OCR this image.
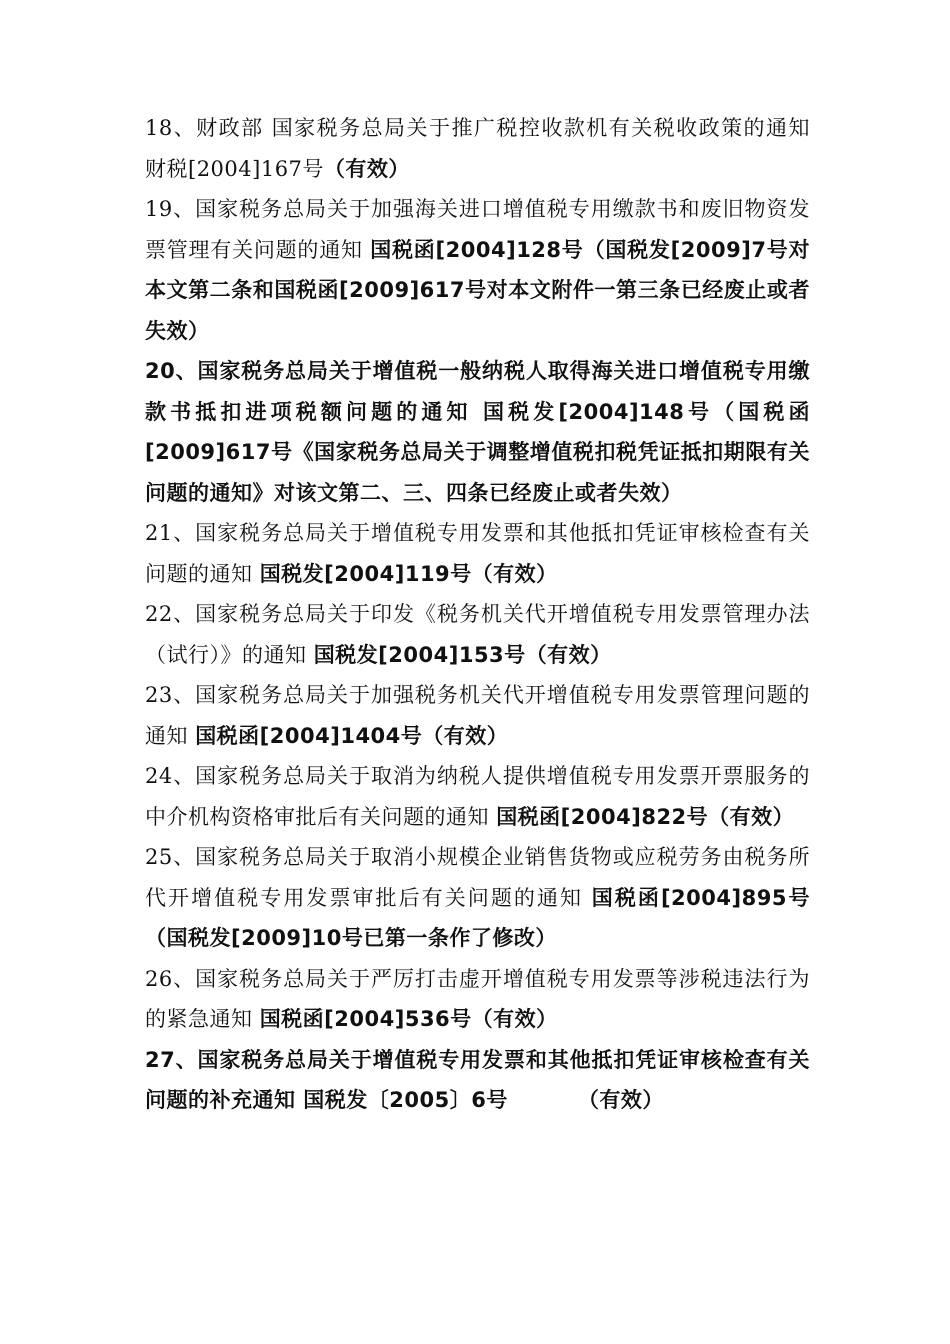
18、财政部 国家税务总局关于推广税控收款机有关税收政策的通知 财税[2004]167号（有效）

19、国家税务总局关于加强海关进口增值税专用缴款书和废旧物资发票管理有关问题的通知 国税函[2004]128号（国税发[2009]7号对本文第二条和国税函[2009]617号对本文附件一第三条已经废止或者失效）

20、国家税务总局关于增值税一般纳税人取得海关进口增值税专用缴款书抵扣进项税额问题的通知 国税发[2004]148号（国税函[2009]617号《国家税务总局关于调整增值税扣税凭证抵扣期限有关问题的通知》对该文第二、三、四条已经废止或者失效）

21、国家税务总局关于增值税专用发票和其他抵扣凭证审核检查有关问题的通知 国税发[2004]119号（有效）

22、国家税务总局关于印发《税务机关代开增值税专用发票管理办法（试行）》的通知 国税发[2004]153号（有效）

23、国家税务总局关于加强税务机关代开增值税专用发票管理问题的通知 国税函[2004]1404号（有效）

24、国家税务总局关于取消为纳税人提供增值税专用发票开票服务的中介机构资格审批后有关问题的通知 国税函[2004]822号（有效）

25、国家税务总局关于取消小规模企业销售货物或应税劳务由税务所代开增值税专用发票审批后有关问题的通知 国税函[2004]895号（国税发[2009]10号已第一条作了修改）

26、国家税务总局关于严厉打击虚开增值税专用发票等涉税违法行为的紧急通知 国税函[2004]536号（有效）

27、国家税务总局关于增值税专用发票和其他抵扣凭证审核检查有关问题的补充通知 国税发〔2005〕6号	（有效）
